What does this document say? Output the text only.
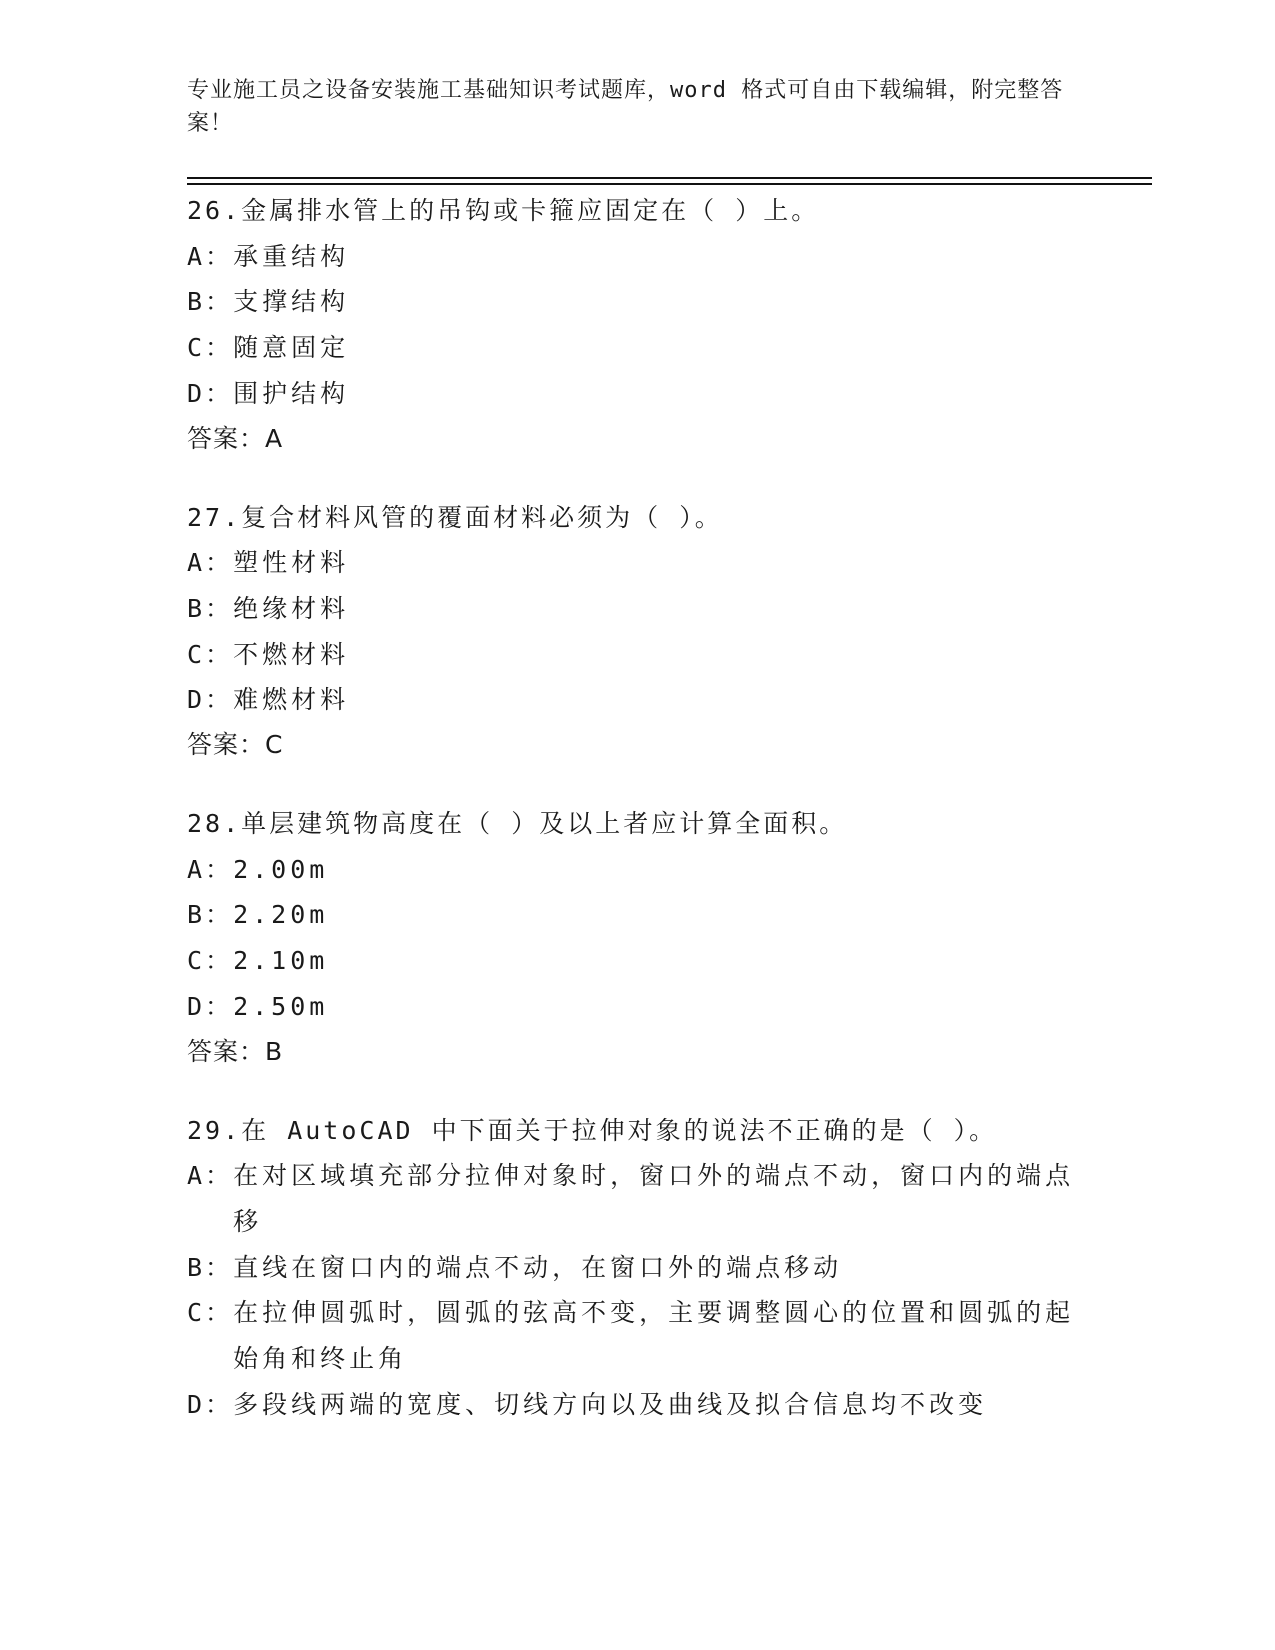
专业施工员之设备安装施工基础知识考试题库，word 格式可自由下载编辑，附完整答案！
26.金属排水管上的吊钩或卡箍应固定在（ ）上。
A： 承重结构
B： 支撑结构
C： 随意固定
D： 围护结构
答案：A
27.复合材料风管的覆面材料必须为（ ）。
A： 塑性材料
B： 绝缘材料
C： 不燃材料
D： 难燃材料
答案：C
28.单层建筑物高度在（ ）及以上者应计算全面积。
A： 2.00m
B： 2.20m
C： 2.10m
D： 2.50m
答案：B
29.在 AutoCAD 中下面关于拉伸对象的说法不正确的是（ ）。
A： 在对区域填充部分拉伸对象时，窗口外的端点不动，窗口内的端点移
B： 直线在窗口内的端点不动，在窗口外的端点移动
C： 在拉伸圆弧时，圆弧的弦高不变，主要调整圆心的位置和圆弧的起始角和终止角
D： 多段线两端的宽度、切线方向以及曲线及拟合信息均不改变
